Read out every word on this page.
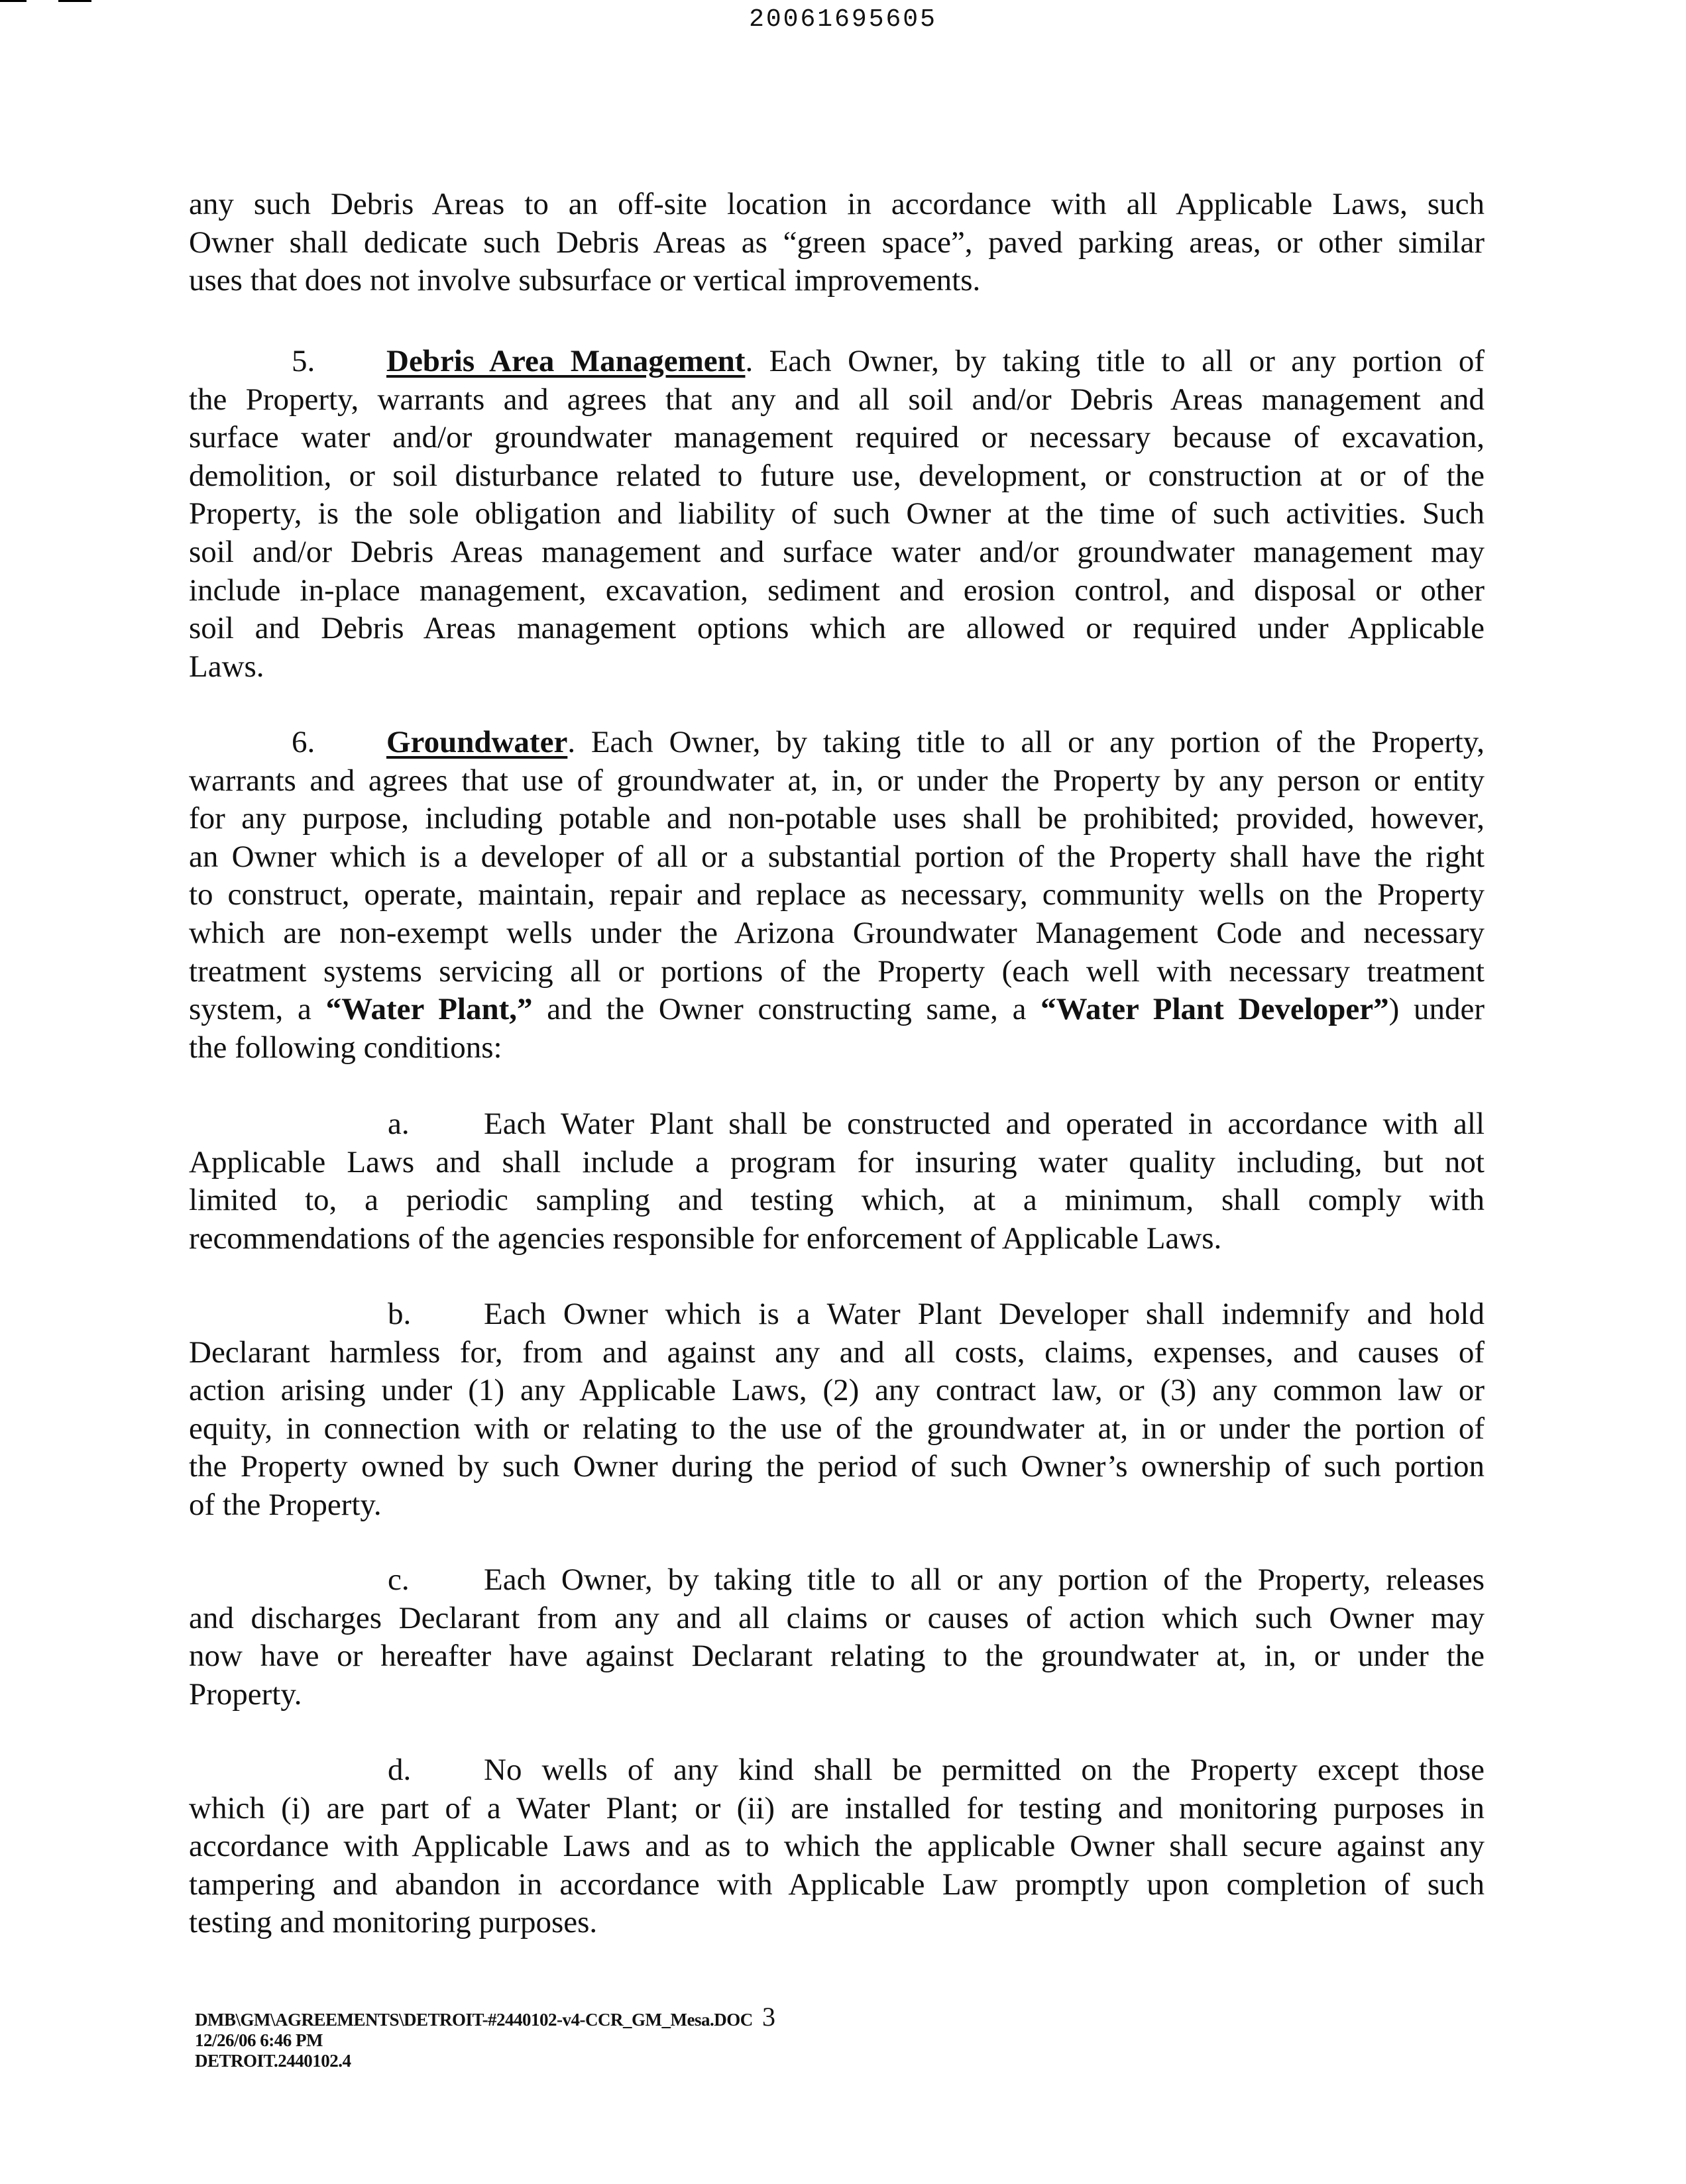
20061695605
any such Debris Areas to an off-site location in accordance with all Applicable Laws, such
Owner shall dedicate such Debris Areas as “green space”, paved parking areas, or other similar
uses that does not involve subsurface or vertical improvements.
5. Debris Area Management. Each Owner, by taking title to all or any portion of
the Property, warrants and agrees that any and all soil and/or Debris Areas management and
surface water and/or groundwater management required or necessary because of excavation,
demolition, or soil disturbance related to future use, development, or construction at or of the
Property, is the sole obligation and liability of such Owner at the time of such activities. Such
soil and/or Debris Areas management and surface water and/or groundwater management may
include in-place management, excavation, sediment and erosion control, and disposal or other
soil and Debris Areas management options which are allowed or required under Applicable
Laws.
6. Groundwater. Each Owner, by taking title to all or any portion of the Property,
warrants and agrees that use of groundwater at, in, or under the Property by any person or entity
for any purpose, including potable and non-potable uses shall be prohibited; provided, however,
an Owner which is a developer of all or a substantial portion of the Property shall have the right
to construct, operate, maintain, repair and replace as necessary, community wells on the Property
which are non-exempt wells under the Arizona Groundwater Management Code and necessary
treatment systems servicing all or portions of the Property (each well with necessary treatment
system, a “Water Plant,” and the Owner constructing same, a “Water Plant Developer”) under
the following conditions:
a. Each Water Plant shall be constructed and operated in accordance with all
Applicable Laws and shall include a program for insuring water quality including, but not
limited to, a periodic sampling and testing which, at a minimum, shall comply with
recommendations of the agencies responsible for enforcement of Applicable Laws.
b. Each Owner which is a Water Plant Developer shall indemnify and hold
Declarant harmless for, from and against any and all costs, claims, expenses, and causes of
action arising under (1) any Applicable Laws, (2) any contract law, or (3) any common law or
equity, in connection with or relating to the use of the groundwater at, in or under the portion of
the Property owned by such Owner during the period of such Owner’s ownership of such portion
of the Property.
c. Each Owner, by taking title to all or any portion of the Property, releases
and discharges Declarant from any and all claims or causes of action which such Owner may
now have or hereafter have against Declarant relating to the groundwater at, in, or under the
Property.
d. No wells of any kind shall be permitted on the Property except those
which (i) are part of a Water Plant; or (ii) are installed for testing and monitoring purposes in
accordance with Applicable Laws and as to which the applicable Owner shall secure against any
tampering and abandon in accordance with Applicable Law promptly upon completion of such
testing and monitoring purposes.
DMB\GM\AGREEMENTS\DETROIT-#2440102-v4-CCR_GM_Mesa.DOC 3
12/26/06 6:46 PM
DETROIT.2440102.4
